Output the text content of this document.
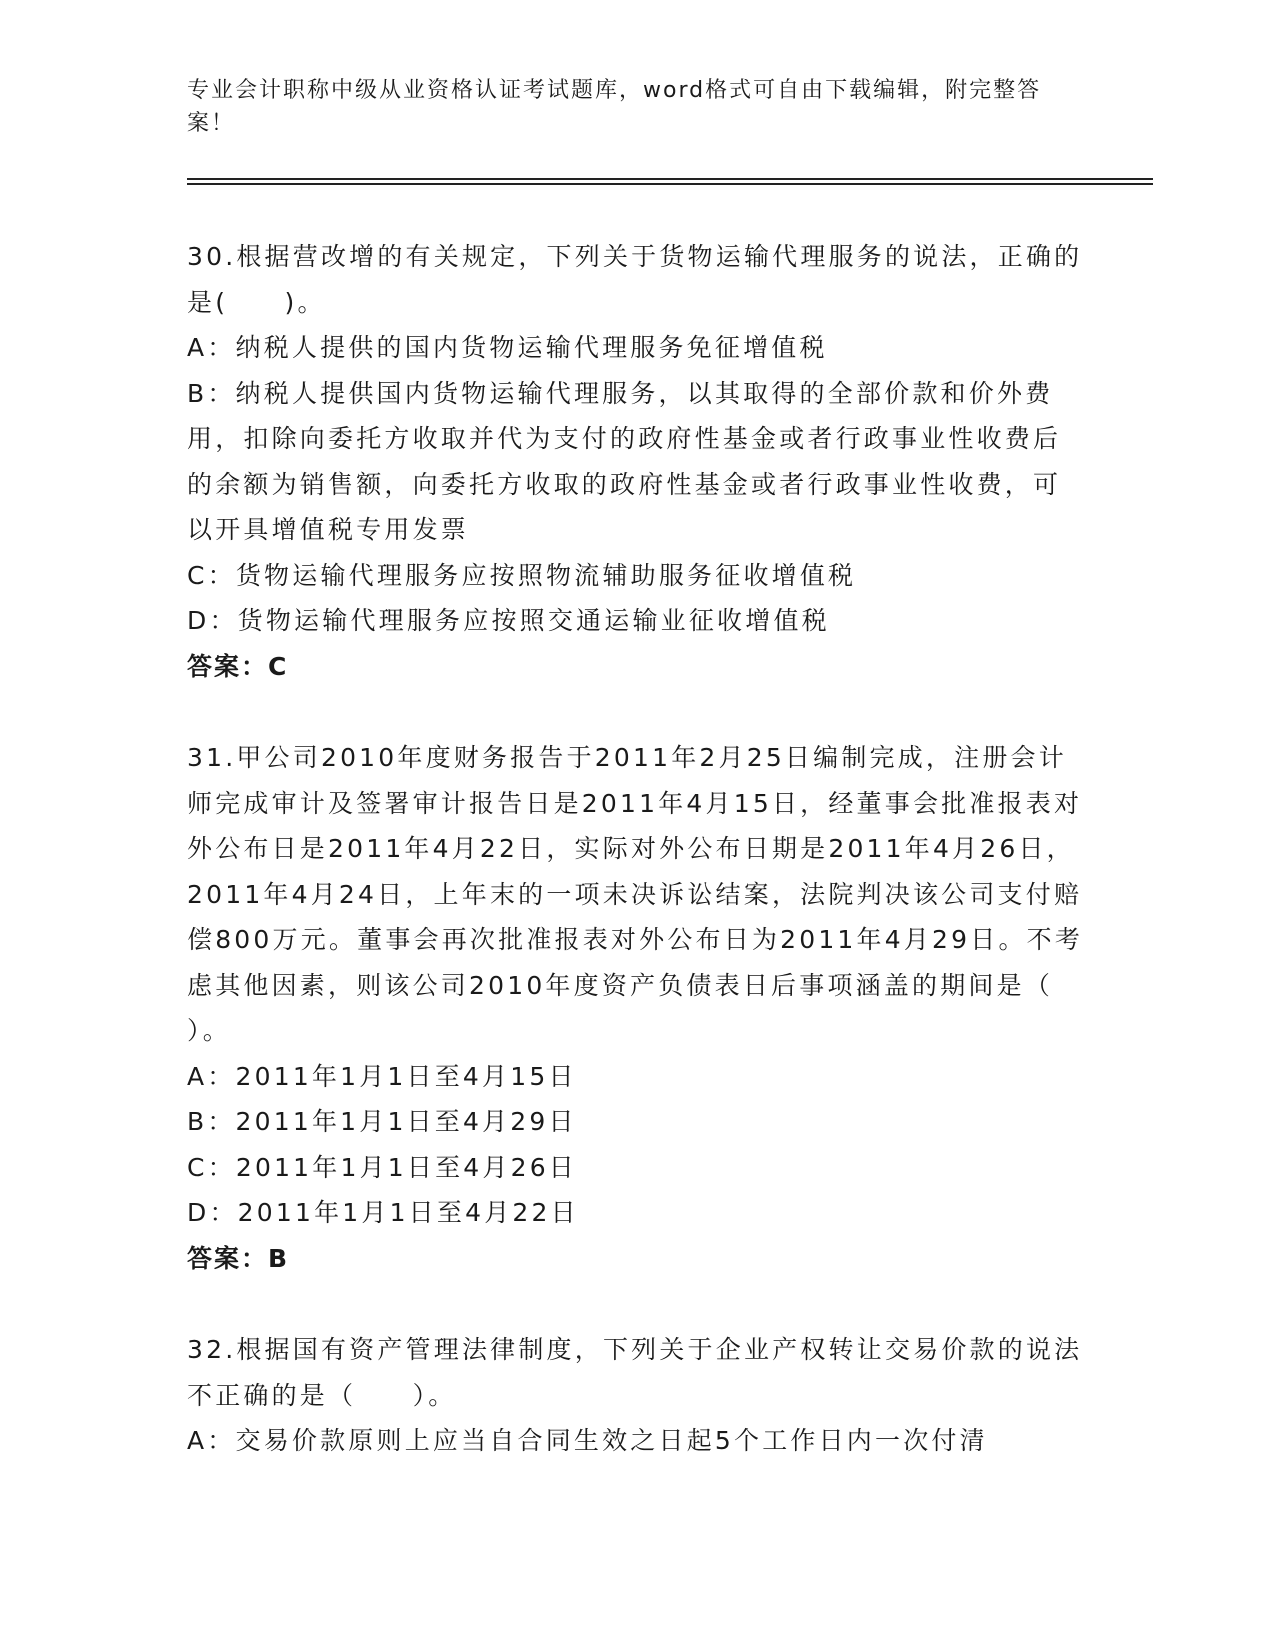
专业会计职称中级从业资格认证考试题库，word格式可自由下载编辑，附完整答案！

30.根据营改增的有关规定，下列关于货物运输代理服务的说法，正确的是(　　)。

A：纳税人提供的国内货物运输代理服务免征增值税

B：纳税人提供国内货物运输代理服务，以其取得的全部价款和价外费用，扣除向委托方收取并代为支付的政府性基金或者行政事业性收费后的余额为销售额，向委托方收取的政府性基金或者行政事业性收费，可以开具增值税专用发票

C：货物运输代理服务应按照物流辅助服务征收增值税

D：货物运输代理服务应按照交通运输业征收增值税

答案：C

31.甲公司2010年度财务报告于2011年2月25日编制完成，注册会计师完成审计及签署审计报告日是2011年4月15日，经董事会批准报表对外公布日是2011年4月22日，实际对外公布日期是2011年4月26日，2011年4月24日，上年末的一项未决诉讼结案，法院判决该公司支付赔偿800万元。董事会再次批准报表对外公布日为2011年4月29日。不考虑其他因素，则该公司2010年度资产负债表日后事项涵盖的期间是（ ）。

A：2011年1月1日至4月15日

B：2011年1月1日至4月29日

C：2011年1月1日至4月26日

D：2011年1月1日至4月22日

答案：B

32.根据国有资产管理法律制度，下列关于企业产权转让交易价款的说法不正确的是（　　）。

A：交易价款原则上应当自合同生效之日起5个工作日内一次付清
